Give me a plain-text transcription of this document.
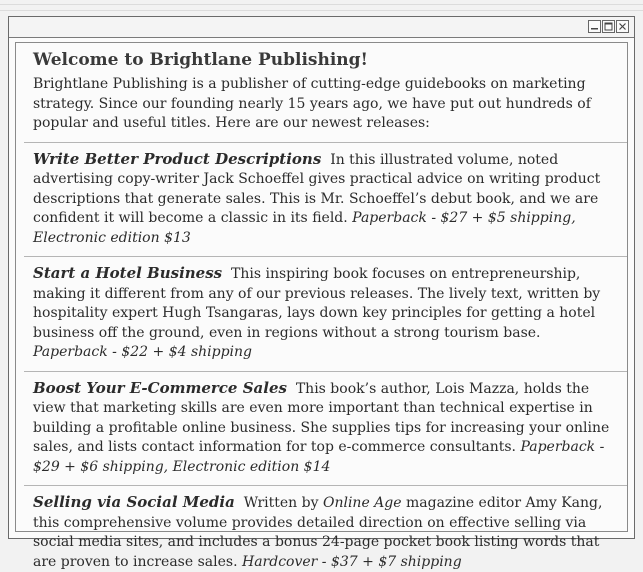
Welcome to Brightlane Publishing!

Brightlane Publishing is a publisher of cutting-edge guidebooks on marketing strategy. Since our founding nearly 15 years ago, we have put out hundreds of popular and useful titles. Here are our newest releases:

Write Better Product Descriptions In this illustrated volume, noted advertising copy-writer Jack Schoeffel gives practical advice on writing product descriptions that generate sales. This is Mr. Schoeffel’s debut book, and we are confident it will become a classic in its field. Paperback - $27 + $5 shipping, Electronic edition $13

Start a Hotel Business This inspiring book focuses on entrepreneurship, making it different from any of our previous releases. The lively text, written by hospitality expert Hugh Tsangaras, lays down key principles for getting a hotel business off the ground, even in regions without a strong tourism base. Paperback - $22 + $4 shipping

Boost Your E-Commerce Sales This book’s author, Lois Mazza, holds the view that marketing skills are even more important than technical expertise in building a profitable online business. She supplies tips for increasing your online sales, and lists contact information for top e-commerce consultants. Paperback - $29 + $6 shipping, Electronic edition $14

Selling via Social Media Written by Online Age magazine editor Amy Kang, this comprehensive volume provides detailed direction on effective selling via social media sites, and includes a bonus 24-page pocket book listing words that are proven to increase sales. Hardcover - $37 + $7 shipping
